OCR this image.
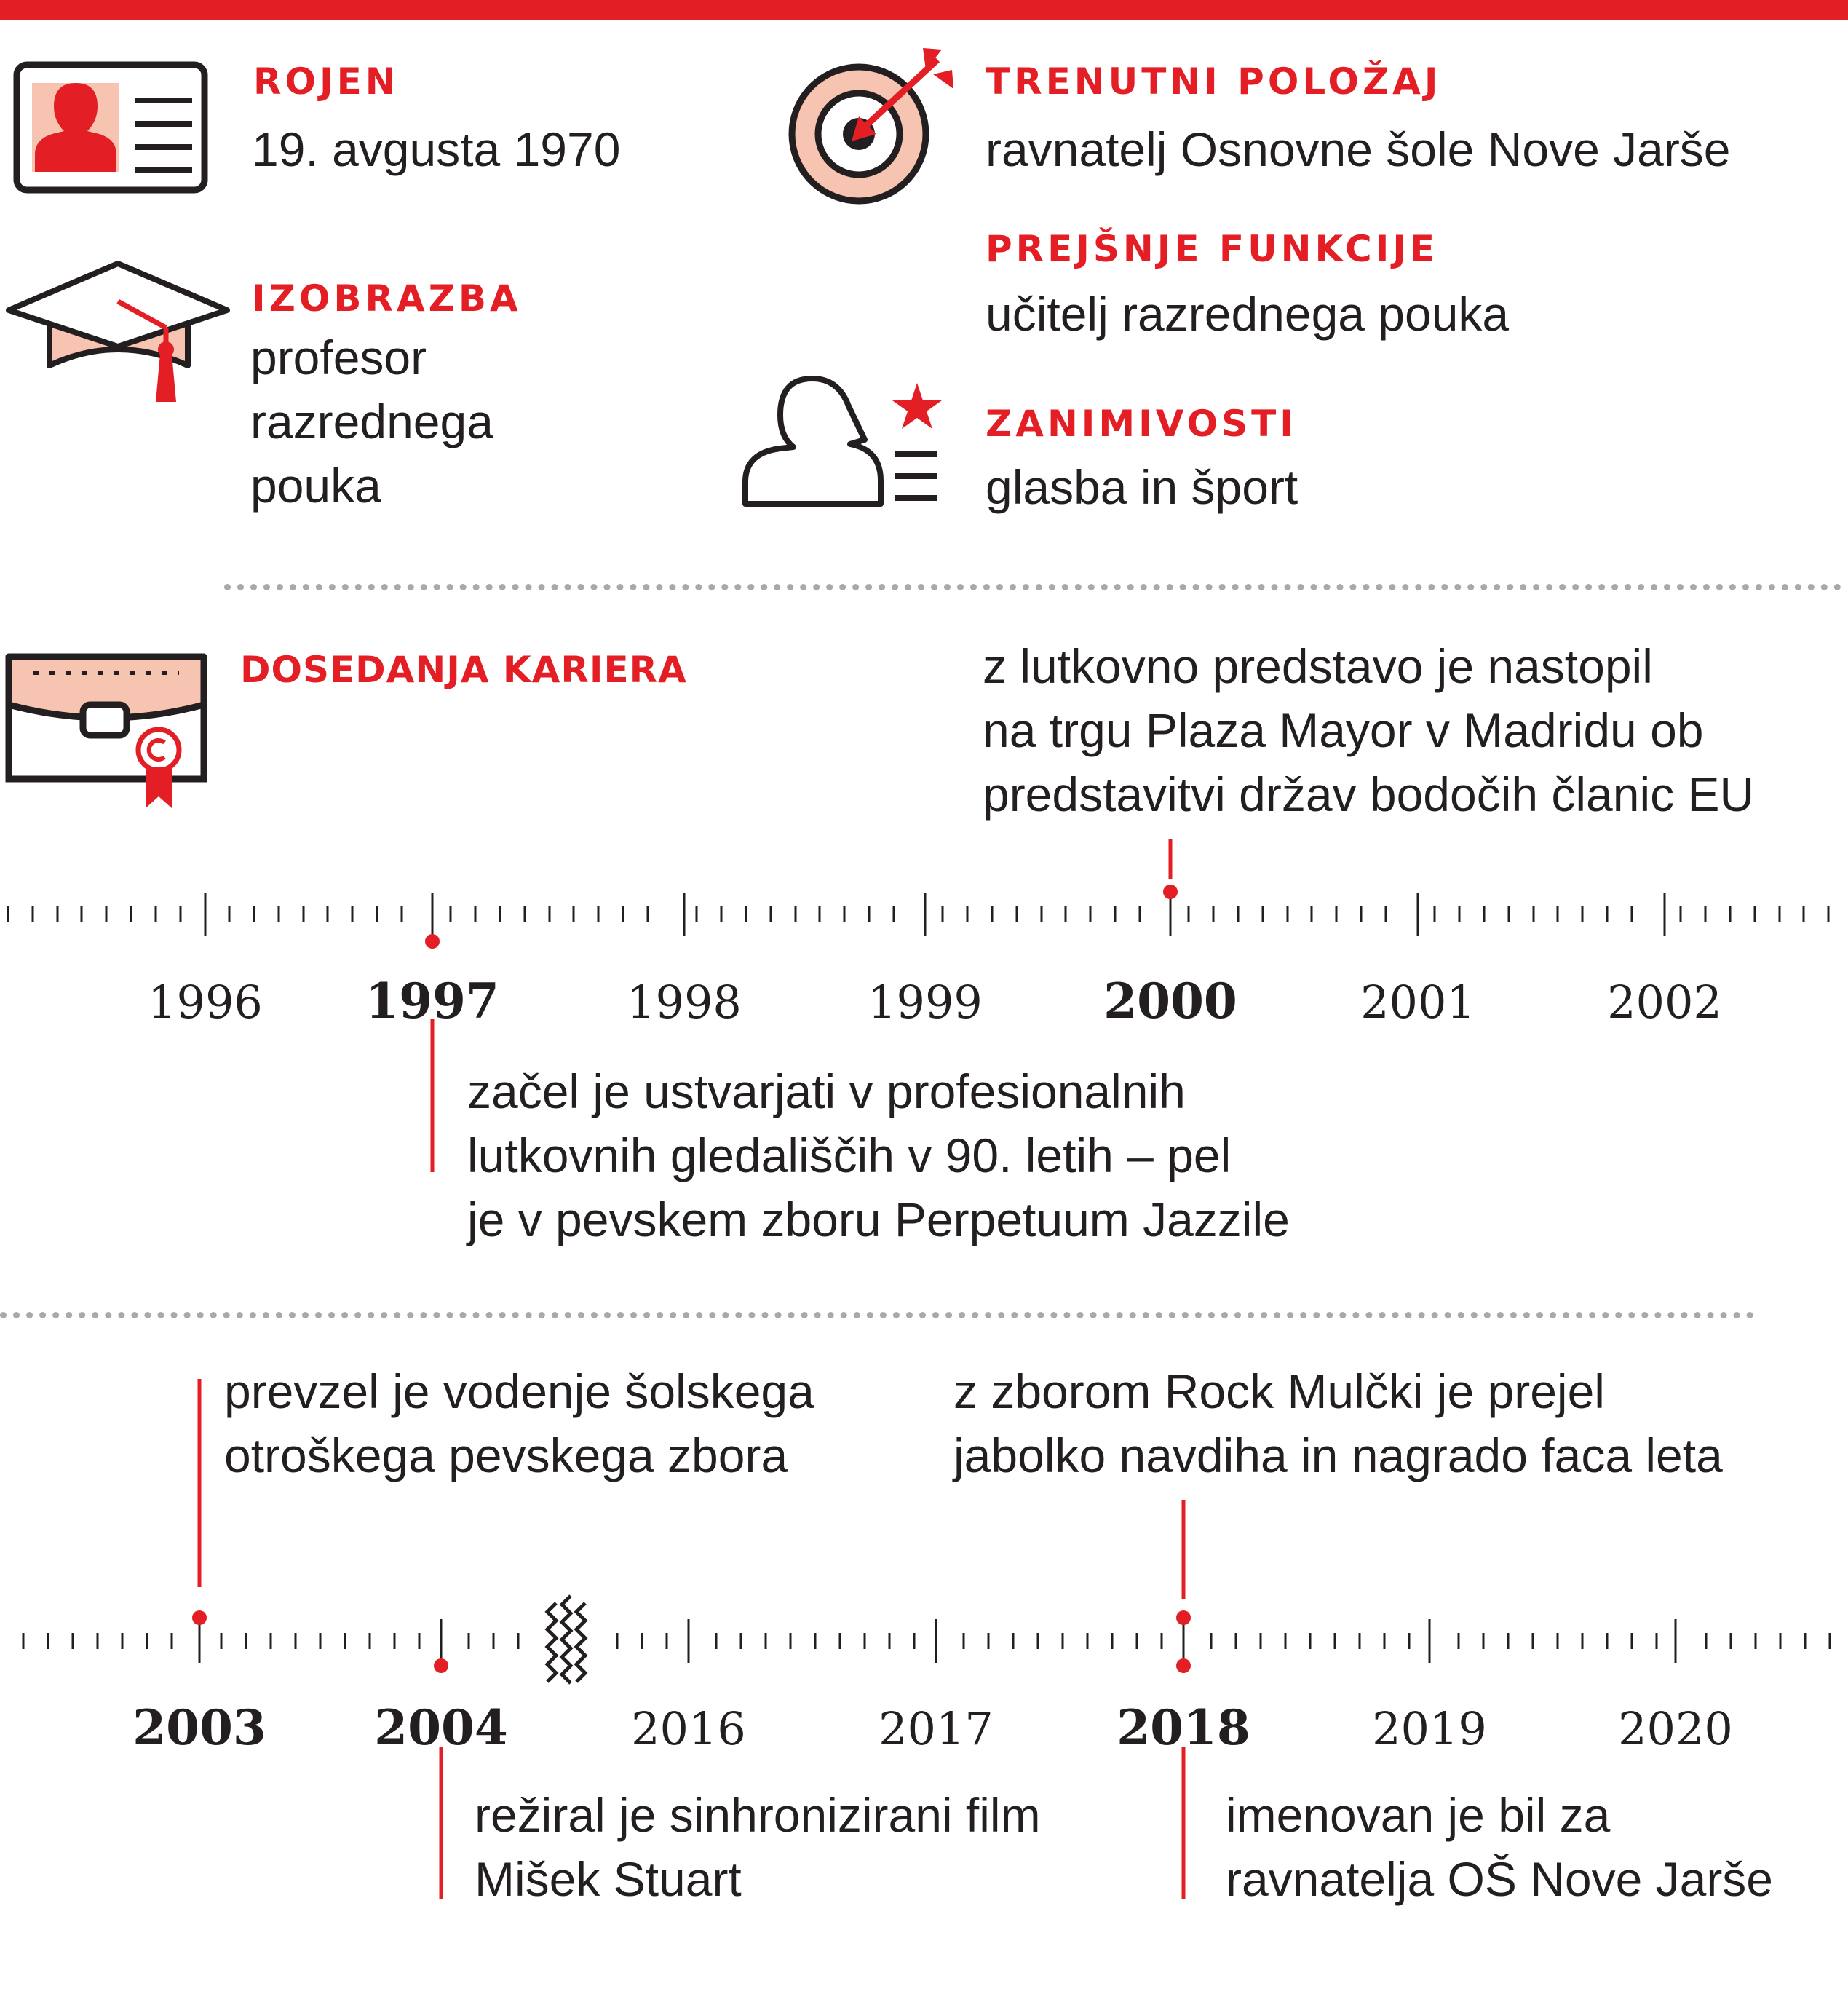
ROJEN
19. avgusta 1970
IZOBRAZBA
profesor
razrednega
pouka
TRENUTNI POLOŽAJ
ravnatelj Osnovne šole Nove Jarše
PREJŠNJE FUNKCIJE
učitelj razrednega pouka
ZANIMIVOSTI
glasba in šport
DOSEDANJA KARIERA	z lutkovno predstavo je nastopil
na trgu Plaza Mayor v Madridu ob
predstavitvi držav bodočih članic EU
začel je ustvarjati v profesionalnih
lutkovnih gledališčih v 90. letih – pel
je v pevskem zboru Perpetuum Jazzile
1996 1997	1998	1999	2000	2001	2002
prevzel je vodenje šolskega
otroškega pevskega zbora
z zborom Rock Mulčki je prejel
jabolko navdiha in nagrado faca leta
režiral je sinhronizirani film
Mišek Stuart
imenovan je bil za
ravnatelja OŠ Nove Jarše
2003 2004	2016	2017	2018	2019	2020
